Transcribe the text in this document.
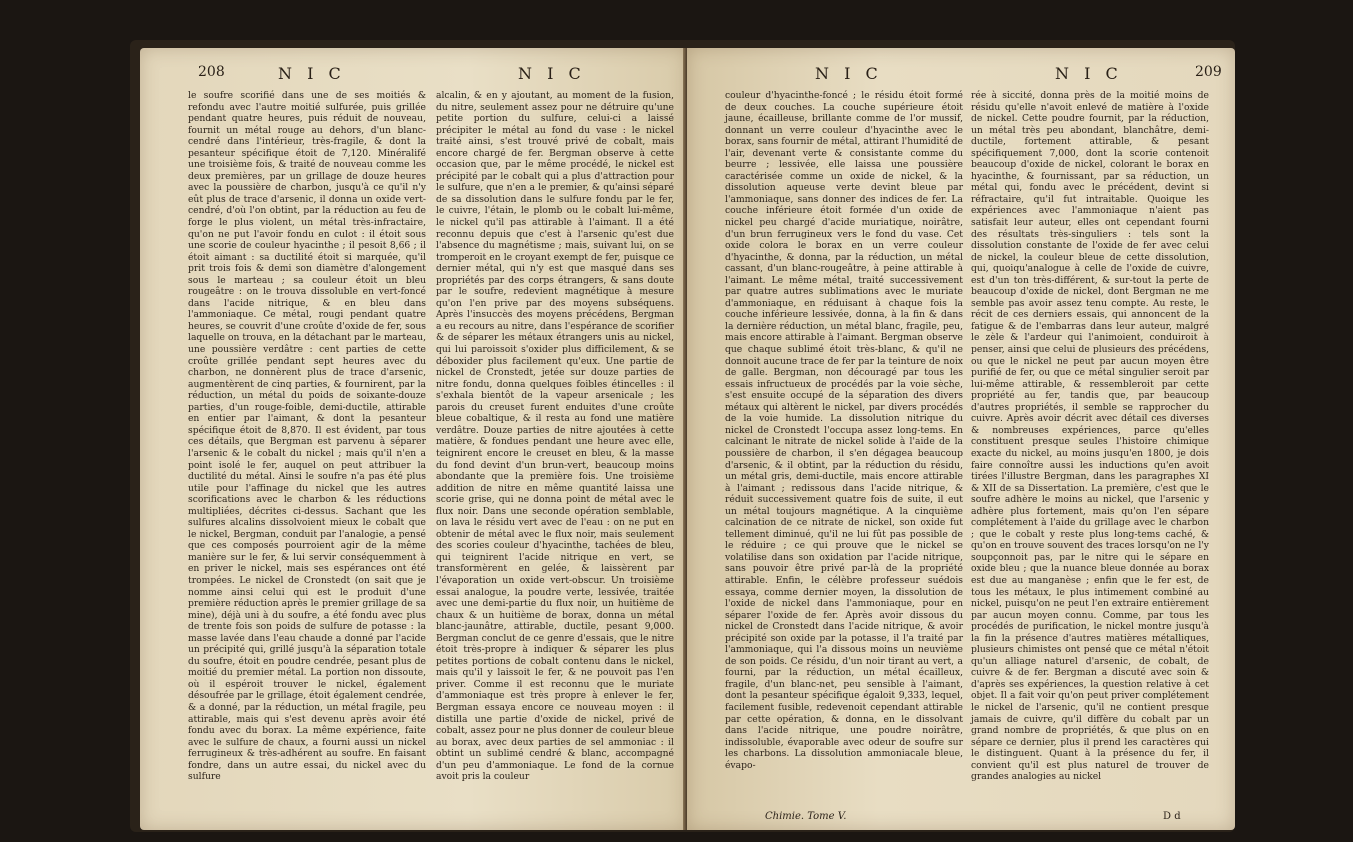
208	N I C	N I C
le soufre scorifié dans une de ses moitiés & refondu avec l'autre moitié sulfurée, puis grillée pendant quatre heures, puis réduit de nouveau, fournit un métal rouge au dehors, d'un blanc-cendré dans l'intérieur, très-fragile, & dont la pesanteur spécifique étoit de 7,120. Minéralifé une troisième fois, & traité de nouveau comme les deux premières, par un grillage de douze heures avec la poussière de charbon, jusqu'à ce qu'il n'y eût plus de trace d'arsenic, il donna un oxide vert-cendré, d'où l'on obtint, par la réduction au feu de forge le plus violent, un métal très-infractaire, qu'on ne put l'avoir fondu en culot : il étoit sous une scorie de couleur hyacinthe ; il pesoit 8,66 ; il étoit aimant : sa ductilité étoit si marquée, qu'il prit trois fois & demi son diamètre d'alongement sous le marteau ; sa couleur étoit un bleu rougeâtre : on le trouva dissoluble en vert-foncé dans l'acide nitrique, & en bleu dans l'ammoniaque. Ce métal, rougi pendant quatre heures, se couvrit d'une croûte d'oxide de fer, sous laquelle on trouva, en la détachant par le marteau, une poussière verdâtre : cent parties de cette croûte grillée pendant sept heures avec du charbon, ne donnèrent plus de trace d'arsenic, augmentèrent de cinq parties, & fournirent, par la réduction, un métal du poids de soixante-douze parties, d'un rouge-foible, demi-ductile, attirable en entier par l'aimant, & dont la pesanteur spécifique étoit de 8,870. Il est évident, par tous ces détails, que Bergman est parvenu à séparer l'arsenic & le cobalt du nickel ; mais qu'il n'en a point isolé le fer, auquel on peut attribuer la ductilité du métal. Ainsi le soufre n'a pas été plus utile pour l'affinage du nickel que les autres scorifications avec le charbon & les réductions multipliées, décrites ci-dessus. Sachant que les sulfures alcalins dissolvoient mieux le cobalt que le nickel, Bergman, conduit par l'analogie, a pensé que ces composés pourroient agir de la même manière sur le fer, & lui servir conséquemment à en priver le nickel, mais ses espérances ont été trompées. Le nickel de Cronstedt (on sait que je nomme ainsi celui qui est le produit d'une première réduction après le premier grillage de sa mine), déjà uni à du soufre, a été fondu avec plus de trente fois son poids de sulfure de potasse : la masse lavée dans l'eau chaude a donné par l'acide un précipité qui, grillé jusqu'à la séparation totale du soufre, étoit en poudre cendrée, pesant plus de moitié du premier métal. La portion non dissoute, où il espéroit trouver le nickel, également désoufrée par le grillage, étoit également cendrée, & a donné, par la réduction, un métal fragile, peu attirable, mais qui s'est devenu après avoir été fondu avec du borax. La même expérience, faite avec le sulfure de chaux, a fourni aussi un nickel ferrugineux & très-adhérent au soufre. En faisant fondre, dans un autre essai, du nickel avec du sulfure
alcalin, & en y ajoutant, au moment de la fusion, du nitre, seulement assez pour ne détruire qu'une petite portion du sulfure, celui-ci a laissé précipiter le métal au fond du vase : le nickel traité ainsi, s'est trouvé privé de cobalt, mais encore chargé de fer. Bergman observe à cette occasion que, par le même procédé, le nickel est précipité par le cobalt qui a plus d'attraction pour le sulfure, que n'en a le premier, & qu'ainsi séparé de sa dissolution dans le sulfure fondu par le fer, le cuivre, l'étain, le plomb ou le cobalt lui-même, le nickel qu'il pas attirable à l'aimant. Il a été reconnu depuis que c'est à l'arsenic qu'est due l'absence du magnétisme ; mais, suivant lui, on se tromperoit en le croyant exempt de fer, puisque ce dernier métal, qui n'y est que masqué dans ses propriétés par des corps étrangers, & sans doute par le soufre, redevient magnétique à mesure qu'on l'en prive par des moyens subséquens. Après l'insuccès des moyens précédens, Bergman a eu recours au nitre, dans l'espérance de scorifier & de séparer les métaux étrangers unis au nickel, qui lui paroissoit s'oxider plus difficilement, & se déboxider plus facilement qu'eux. Une partie de nickel de Cronstedt, jetée sur douze parties de nitre fondu, donna quelques foibles étincelles : il s'exhala bientôt de la vapeur arsenicale ; les parois du creuset furent enduites d'une croûte bleue cobaltique, & il resta au fond une matière verdâtre. Douze parties de nitre ajoutées à cette matière, & fondues pendant une heure avec elle, teignirent encore le creuset en bleu, & la masse du fond devint d'un brun-vert, beaucoup moins abondante que la première fois. Une troisième addition de nitre en même quantité laissa une scorie grise, qui ne donna point de métal avec le flux noir. Dans une seconde opération semblable, on lava le résidu vert avec de l'eau : on ne put en obtenir de métal avec le flux noir, mais seulement des scories couleur d'hyacinthe, tachées de bleu, qui teignirent l'acide nitrique en vert, se transformèrent en gelée, & laissèrent par l'évaporation un oxide vert-obscur. Un troisième essai analogue, la poudre verte, lessivée, traitée avec une demi-partie du flux noir, un huitième de chaux & un huitième de borax, donna un métal blanc-jaunâtre, attirable, ductile, pesant 9,000. Bergman conclut de ce genre d'essais, que le nitre étoit très-propre à indiquer & séparer les plus petites portions de cobalt contenu dans le nickel, mais qu'il y laissoit le fer, & ne pouvoit pas l'en priver. Comme il est reconnu que le muriate d'ammoniaque est très propre à enlever le fer, Bergman essaya encore ce nouveau moyen : il distilla une partie d'oxide de nickel, privé de cobalt, assez pour ne plus donner de couleur bleue au borax, avec deux parties de sel ammoniac : il obtint un sublimé cendré & blanc, accompagné d'un peu d'ammoniaque. Le fond de la cornue avoit pris la couleur
N I C	N I C	209
couleur d'hyacinthe-foncé ; le résidu étoit formé de deux couches. La couche supérieure étoit jaune, écailleuse, brillante comme de l'or mussif, donnant un verre couleur d'hyacinthe avec le borax, sans fournir de métal, attirant l'humidité de l'air, devenant verte & consistante comme du beurre ; lessivée, elle laissa une poussière caractérisée comme un oxide de nickel, & la dissolution aqueuse verte devint bleue par l'ammoniaque, sans donner des indices de fer. La couche inférieure étoit formée d'un oxide de nickel peu chargé d'acide muriatique, noirâtre, d'un brun ferrugineux vers le fond du vase. Cet oxide colora le borax en un verre couleur d'hyacinthe, & donna, par la réduction, un métal cassant, d'un blanc-rougeâtre, à peine attirable à l'aimant. Le même métal, traité successivement par quatre autres sublimations avec le muriate d'ammoniaque, en réduisant à chaque fois la couche inférieure lessivée, donna, à la fin & dans la dernière réduction, un métal blanc, fragile, peu, mais encore attirable à l'aimant. Bergman observe que chaque sublimé étoit très-blanc, & qu'il ne donnoit aucune trace de fer par la teinture de noix de galle. Bergman, non découragé par tous les essais infructueux de procédés par la voie sèche, s'est ensuite occupé de la séparation des divers métaux qui altèrent le nickel, par divers procédés de la voie humide. La dissolution nitrique du nickel de Cronstedt l'occupa assez long-tems. En calcinant le nitrate de nickel solide à l'aide de la poussière de charbon, il s'en dégagea beaucoup d'arsenic, & il obtint, par la réduction du résidu, un métal gris, demi-ductile, mais encore attirable à l'aimant ; redissous dans l'acide nitrique, & réduit successivement quatre fois de suite, il eut un métal toujours magnétique. A la cinquième calcination de ce nitrate de nickel, son oxide fut tellement diminué, qu'il ne lui fût pas possible de le réduire ; ce qui prouve que le nickel se volatilise dans son oxidation par l'acide nitrique, sans pouvoir être privé par-là de la propriété attirable. Enfin, le célèbre professeur suédois essaya, comme dernier moyen, la dissolution de l'oxide de nickel dans l'ammoniaque, pour en séparer l'oxide de fer. Après avoir dissous du nickel de Cronstedt dans l'acide nitrique, & avoir précipité son oxide par la potasse, il l'a traité par l'ammoniaque, qui l'a dissous moins un neuvième de son poids. Ce résidu, d'un noir tirant au vert, a fourni, par la réduction, un métal écailleux, fragile, d'un blanc-net, peu sensible à l'aimant, dont la pesanteur spécifique égaloit 9,333, lequel, facilement fusible, redevenoit cependant attirable par cette opération, & donna, en le dissolvant dans l'acide nitrique, une poudre noirâtre, indissoluble, évaporable avec odeur de soufre sur les charbons. La dissolution ammoniacale bleue, évapo-
rée à siccité, donna près de la moitié moins de résidu qu'elle n'avoit enlevé de matière à l'oxide de nickel. Cette poudre fournit, par la réduction, un métal très peu abondant, blanchâtre, demi-ductile, fortement attirable, & pesant spécifiquement 7,000, dont la scorie contenoit beaucoup d'oxide de nickel, colorant le borax en hyacinthe, & fournissant, par sa réduction, un métal qui, fondu avec le précédent, devint si réfractaire, qu'il fut intraitable. Quoique les expériences avec l'ammoniaque n'aient pas satisfait leur auteur, elles ont cependant fourni des résultats très-singuliers : tels sont la dissolution constante de l'oxide de fer avec celui de nickel, la couleur bleue de cette dissolution, qui, quoiqu'analogue à celle de l'oxide de cuivre, est d'un ton très-différent, & sur-tout la perte de beaucoup d'oxide de nickel, dont Bergman ne me semble pas avoir assez tenu compte. Au reste, le récit de ces derniers essais, qui annoncent de la fatigue & de l'embarras dans leur auteur, malgré le zèle & l'ardeur qui l'animoient, conduiroit à penser, ainsi que celui de plusieurs des précédens, ou que le nickel ne peut par aucun moyen être purifié de fer, ou que ce métal singulier seroit par lui-même attirable, & ressembleroit par cette propriété au fer, tandis que, par beaucoup d'autres propriétés, il semble se rapprocher du cuivre. Après avoir décrit avec détail ces diverses & nombreuses expériences, parce qu'elles constituent presque seules l'histoire chimique exacte du nickel, au moins jusqu'en 1800, je dois faire connoître aussi les inductions qu'en avoit tirées l'illustre Bergman, dans les paragraphes XI & XII de sa Dissertation. La première, c'est que le soufre adhère le moins au nickel, que l'arsenic y adhère plus fortement, mais qu'on l'en sépare complétement à l'aide du grillage avec le charbon ; que le cobalt y reste plus long-tems caché, & qu'on en trouve souvent des traces lorsqu'on ne l'y soupçonnoit pas, par le nitre qui le sépare en oxide bleu ; que la nuance bleue donnée au borax est due au manganèse ; enfin que le fer est, de tous les métaux, le plus intimement combiné au nickel, puisqu'on ne peut l'en extraire entièrement par aucun moyen connu. Comme, par tous les procédés de purification, le nickel montre jusqu'à la fin la présence d'autres matières métalliques, plusieurs chimistes ont pensé que ce métal n'étoit qu'un alliage naturel d'arsenic, de cobalt, de cuivre & de fer. Bergman a discuté avec soin & d'après ses expériences, la question relative à cet objet. Il a fait voir qu'on peut priver complétement le nickel de l'arsenic, qu'il ne contient presque jamais de cuivre, qu'il diffère du cobalt par un grand nombre de propriétés, & que plus on en sépare ce dernier, plus il prend les caractères qui le distinguent. Quant à la présence du fer, il convient qu'il est plus naturel de trouver de grandes analogies au nickel
Chimie. Tome V.	D d
